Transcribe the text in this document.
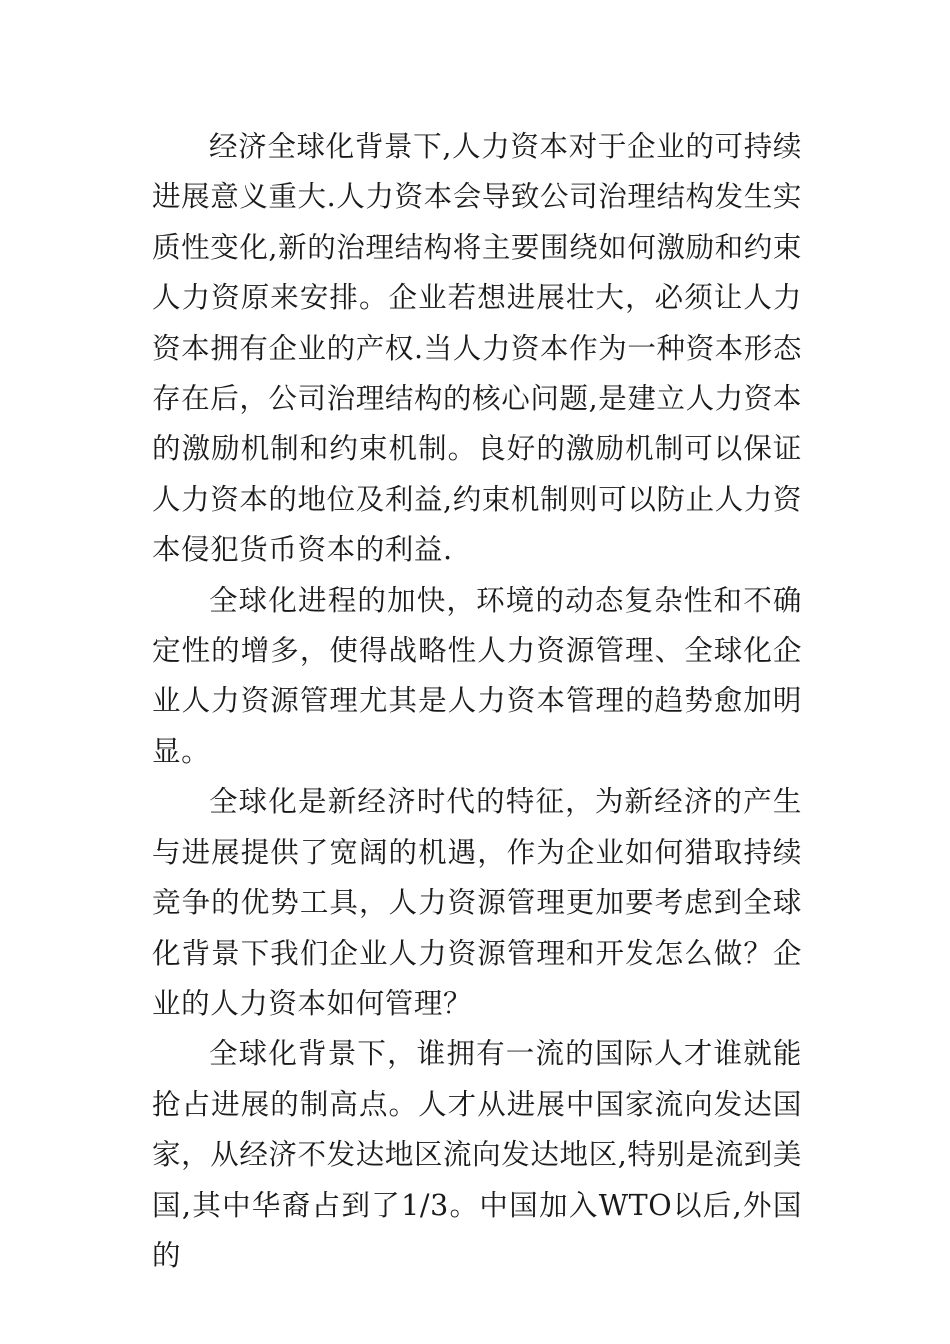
经济全球化背景下,人力资本对于企业的可持续进展意义重大.人力资本会导致公司治理结构发生实质性变化,新的治理结构将主要围绕如何激励和约束人力资原来安排。企业若想进展壮大，必须让人力资本拥有企业的产权.当人力资本作为一种资本形态存在后，公司治理结构的核心问题,是建立人力资本的激励机制和约束机制。良好的激励机制可以保证人力资本的地位及利益,约束机制则可以防止人力资本侵犯货币资本的利益.

全球化进程的加快，环境的动态复杂性和不确定性的增多，使得战略性人力资源管理、全球化企业人力资源管理尤其是人力资本管理的趋势愈加明显。

全球化是新经济时代的特征，为新经济的产生与进展提供了宽阔的机遇，作为企业如何猎取持续竞争的优势工具，人力资源管理更加要考虑到全球化背景下我们企业人力资源管理和开发怎么做？企业的人力资本如何管理？

全球化背景下，谁拥有一流的国际人才谁就能抢占进展的制高点。人才从进展中国家流向发达国家，从经济不发达地区流向发达地区,特别是流到美国,其中华裔占到了1/3。中国加入WTO以后,外国的
